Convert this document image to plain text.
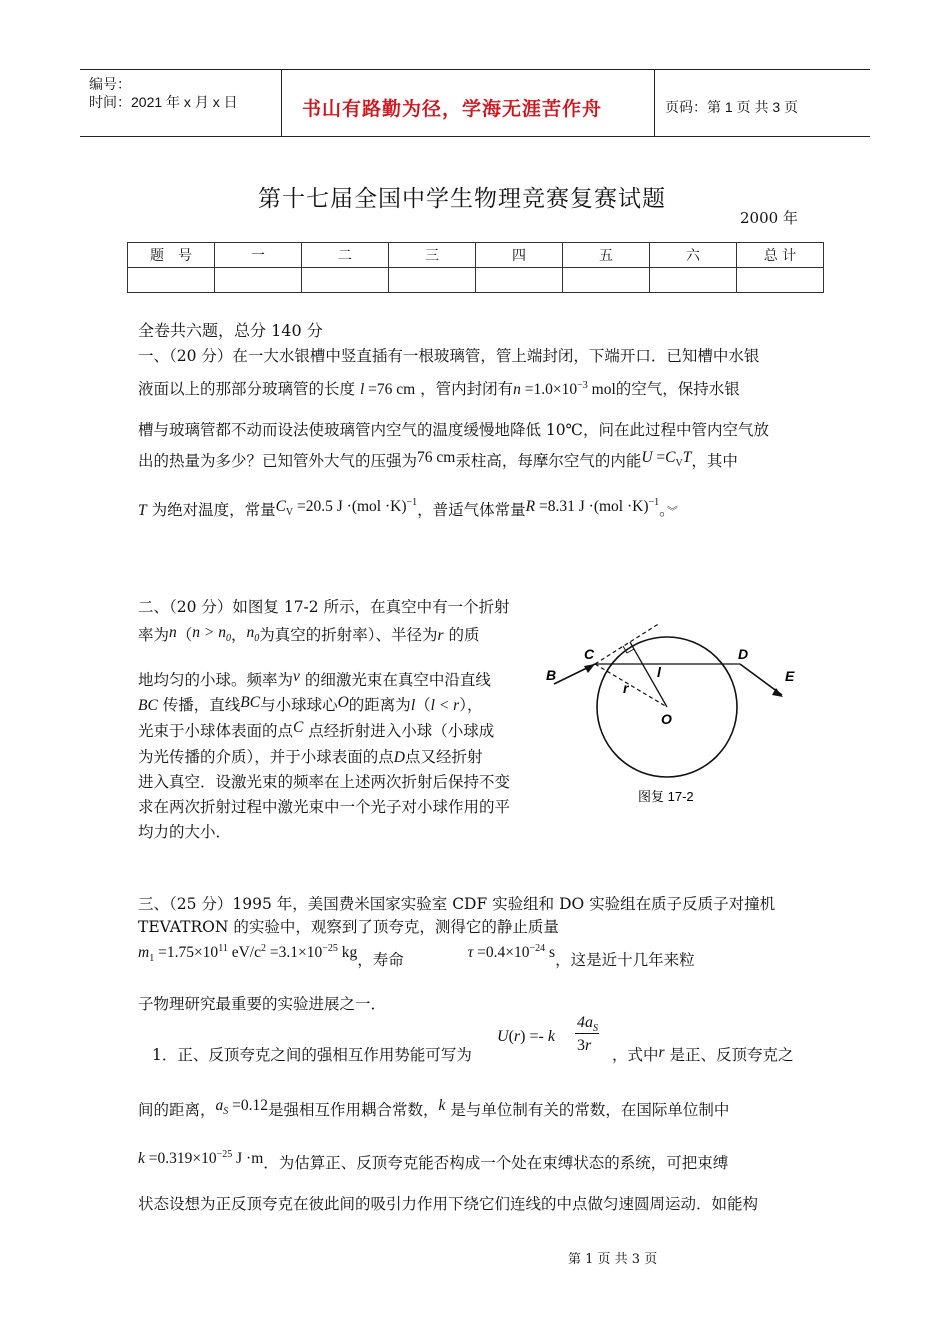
编号：
时间：2021 年 x 月 x 日	书山有路勤为径，学海无涯苦作舟	页码：第 1 页 共 3 页
第十七届全国中学生物理竞赛复赛试题
2000 年
题　号	一	二	三	四	五	六	总 计

全卷共六题，总分 140 分
一、（20 分）在一大水银槽中竖直插有一根玻璃管，管上端封闭，下端开口．已知槽中水银
液面以上的那部分玻璃管的长度 l =76 cm ，管内封闭有$n =1.0\times 10^{-3}$ mol的空气，保持水银
槽与玻璃管都不动而设法使玻璃管内空气的温度缓慢地降低 10℃，问在此过程中管内空气放
出的热量为多少？已知管外大气的压强为76 cm汞柱高，每摩尔空气的内能$U =C_VT$，其中
T 为绝对温度，常量$C_V =20.5$ J ·(mol ·K)$^{-1}$，普适气体常量R =8.31 J ·(mol ·K)$^{-1}$。︾
二、（20 分）如图复 17-2 所示，在真空中有一个折射
率为$n(n > n_0$，$n_0$为真空的折射率）、半径为r 的质
地均匀的小球。频率为ν 的细激光束在真空中沿直线
BC 传播，直线BC与小球球心O的距离为l（l < r），
光束于小球体表面的点C 点经折射进入小球（小球成
为光传播的介质），并于小球表面的点D点又经折射
进入真空．设激光束的频率在上述两次折射后保持不变
求在两次折射过程中激光束中一个光子对小球作用的平
均力的大小．
B
C	D
E
O
l
r
图复 17-2
三、（25 分）1995 年，美国费米国家实验室 CDF 实验组和 DO 实验组在质子反质子对撞机
TEVATRON 的实验中，观察到了顶夸克，测得它的静止质量
$m_1 =1.75\times 10^{11}$ $eV/c^2 =3.1\times 10^{-25}$ kg，寿命	$\tau =0.4\times 10^{-24}$ s，这是近十几年来粒
子物理研究最重要的实验进展之一．
U(r) =- k
$4a_S$
3r
1．正、反顶夸克之间的强相互作用势能可写为	，式中r 是正、反顶夸克之
间的距离，$a_S =0.12$是强相互作用耦合常数，k 是与单位制有关的常数，在国际单位制中
$k =0.319\times 10^{-25}$ J ·m．为估算正、反顶夸克能否构成一个处在束缚状态的系统，可把束缚
状态设想为正反顶夸克在彼此间的吸引力作用下绕它们连线的中点做匀速圆周运动．如能构
第 1 页 共 3 页
